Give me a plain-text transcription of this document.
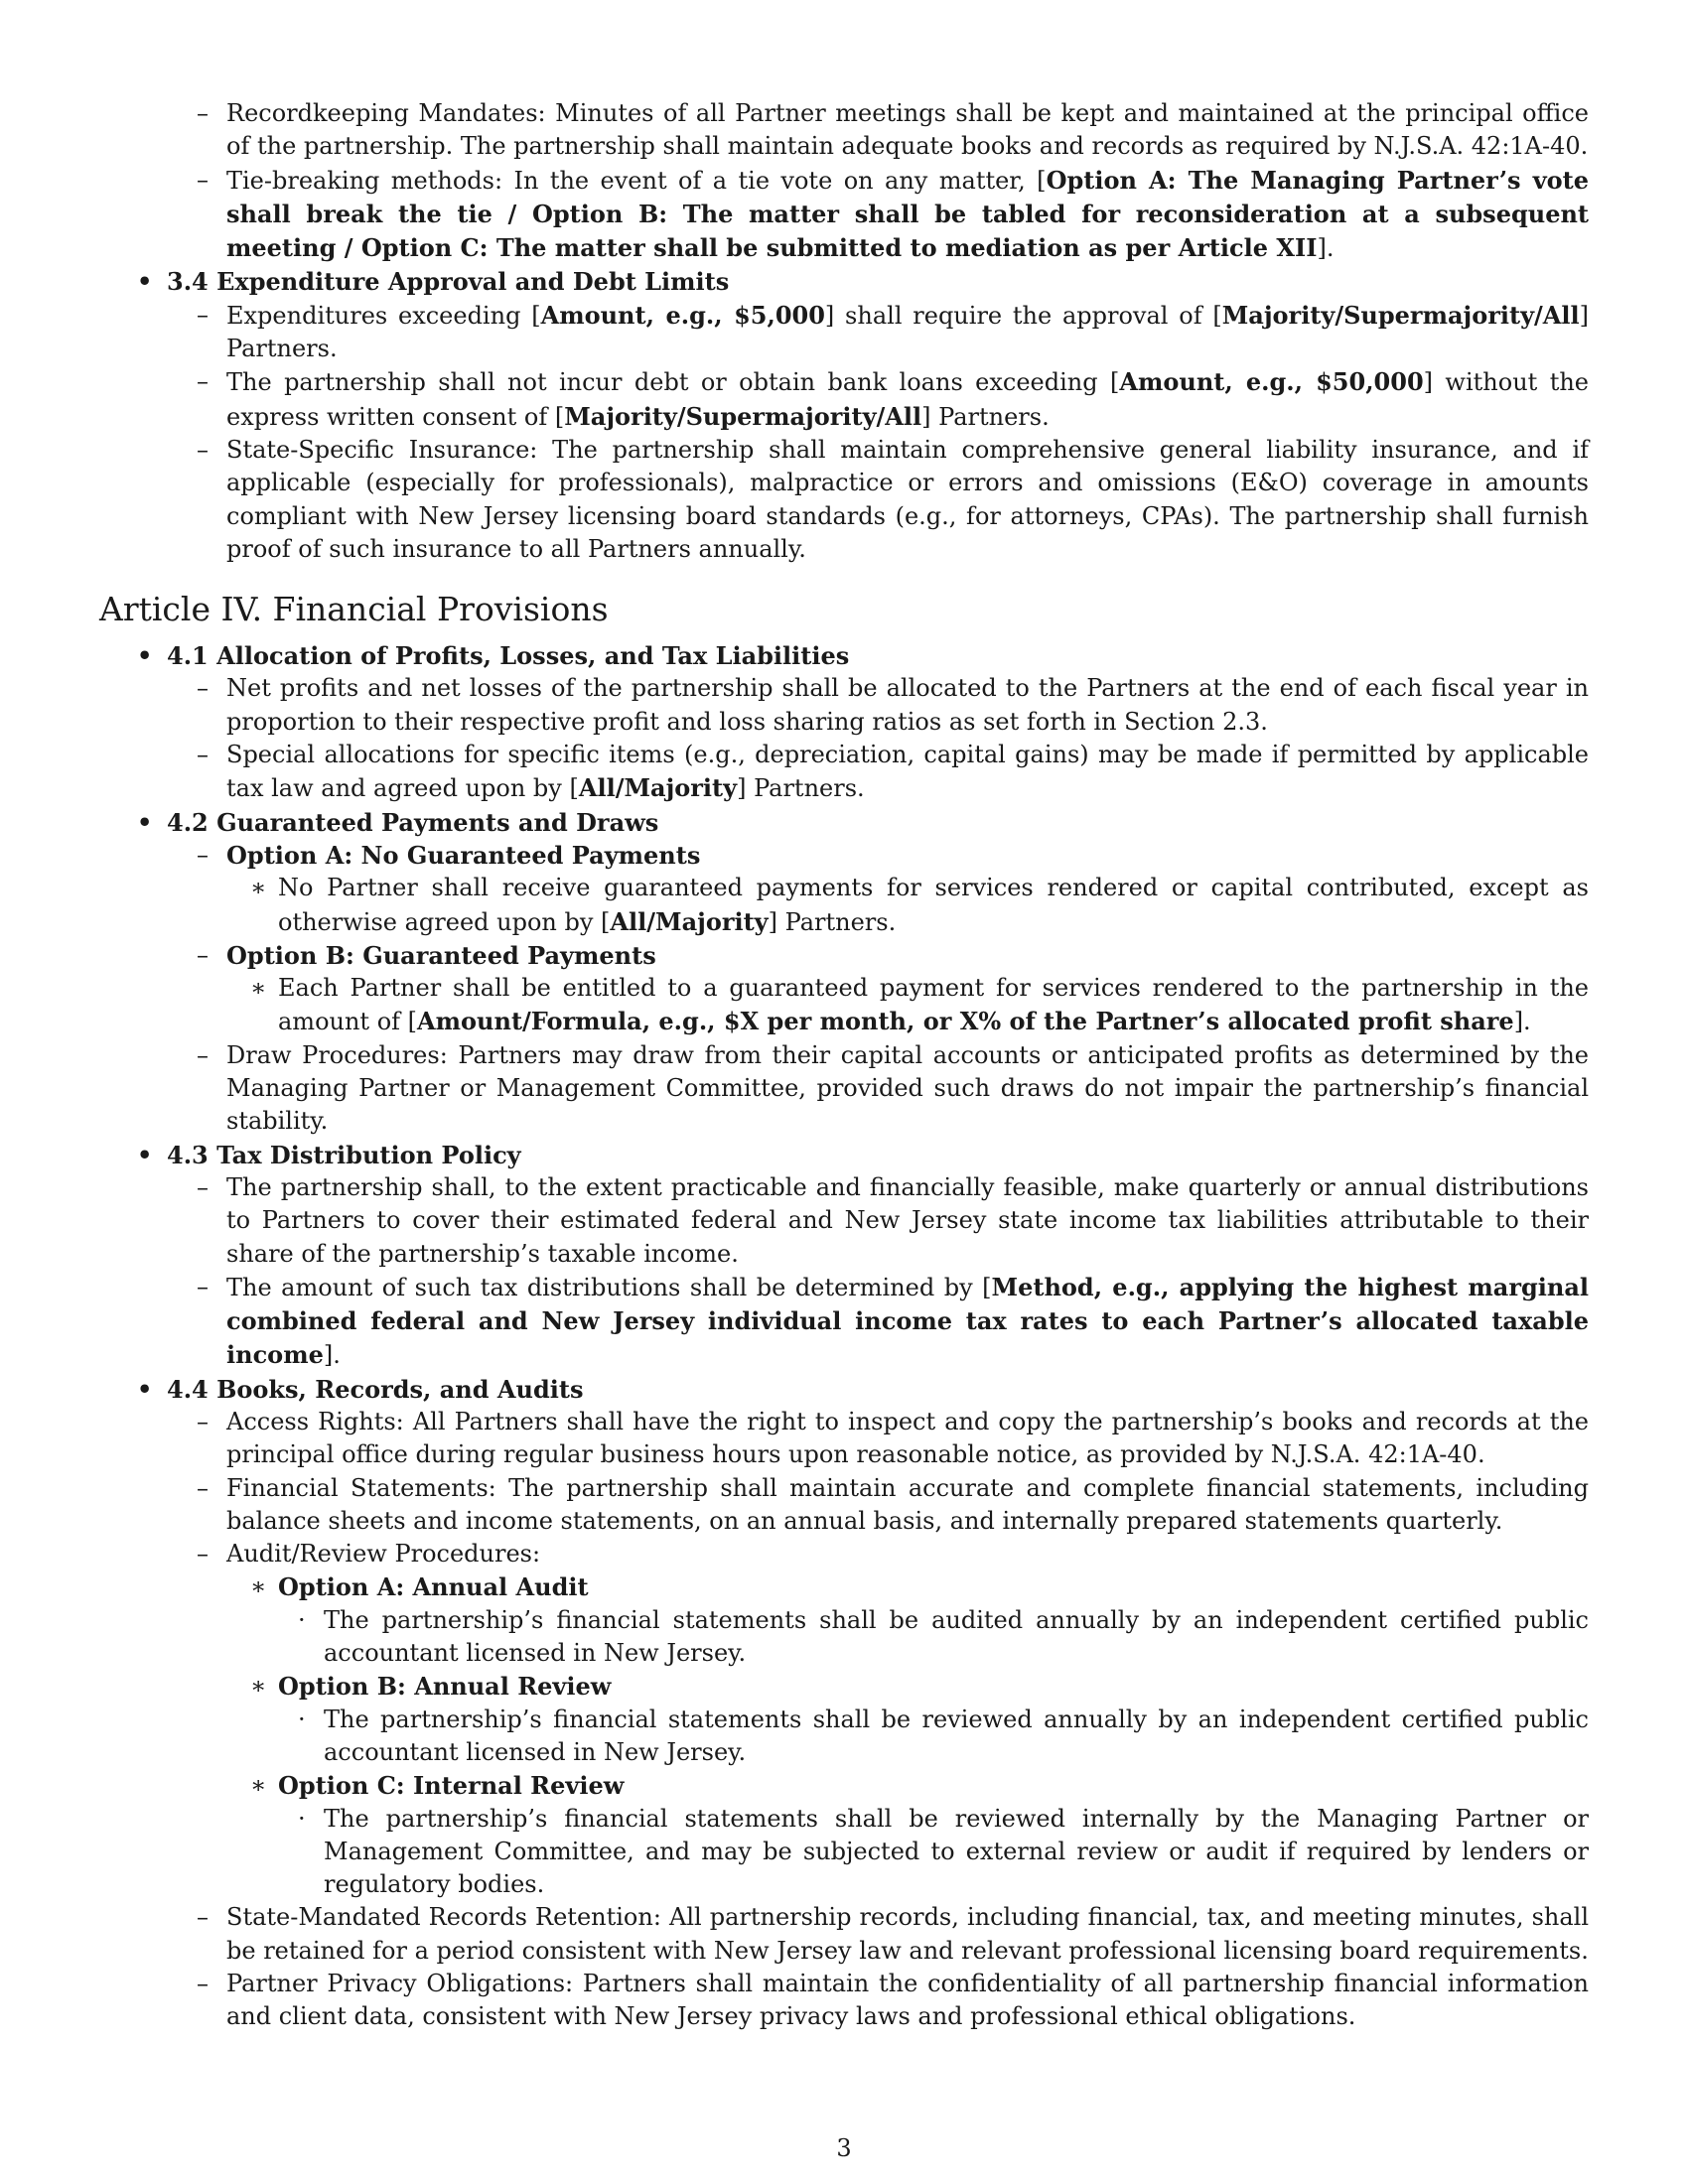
– Recordkeeping Mandates: Minutes of all Partner meetings shall be kept and maintained at the principal office of the partnership. The partnership shall maintain adequate books and records as required by N.J.S.A. 42:1A-40.

– Tie-breaking methods: In the event of a tie vote on any matter, [Option A: The Managing Partner’s vote shall break the tie / Option B: The matter shall be tabled for reconsideration at a subsequent meeting / Option C: The matter shall be submitted to mediation as per Article XII].

• 3.4 Expenditure Approval and Debt Limits

– Expenditures exceeding [Amount, e.g., $5,000] shall require the approval of [Majority/Supermajority/All] Partners.

– The partnership shall not incur debt or obtain bank loans exceeding [Amount, e.g., $50,000] without the express written consent of [Majority/Supermajority/All] Partners.

– State-Specific Insurance: The partnership shall maintain comprehensive general liability insurance, and if applicable (especially for professionals), malpractice or errors and omissions (E&O) coverage in amounts compliant with New Jersey licensing board standards (e.g., for attorneys, CPAs). The partnership shall furnish proof of such insurance to all Partners annually.

Article IV. Financial Provisions

• 4.1 Allocation of Profits, Losses, and Tax Liabilities

– Net profits and net losses of the partnership shall be allocated to the Partners at the end of each fiscal year in proportion to their respective profit and loss sharing ratios as set forth in Section 2.3.

– Special allocations for specific items (e.g., depreciation, capital gains) may be made if permitted by applicable tax law and agreed upon by [All/Majority] Partners.

• 4.2 Guaranteed Payments and Draws

– Option A: No Guaranteed Payments

∗ No Partner shall receive guaranteed payments for services rendered or capital contributed, except as otherwise agreed upon by [All/Majority] Partners.

– Option B: Guaranteed Payments

∗ Each Partner shall be entitled to a guaranteed payment for services rendered to the partnership in the amount of [Amount/Formula, e.g., $X per month, or X% of the Partner’s allocated profit share].

– Draw Procedures: Partners may draw from their capital accounts or anticipated profits as determined by the Managing Partner or Management Committee, provided such draws do not impair the partnership’s financial stability.

• 4.3 Tax Distribution Policy

– The partnership shall, to the extent practicable and financially feasible, make quarterly or annual distributions to Partners to cover their estimated federal and New Jersey state income tax liabilities attributable to their share of the partnership’s taxable income.

– The amount of such tax distributions shall be determined by [Method, e.g., applying the highest marginal combined federal and New Jersey individual income tax rates to each Partner’s allocated taxable income].

• 4.4 Books, Records, and Audits

– Access Rights: All Partners shall have the right to inspect and copy the partnership’s books and records at the principal office during regular business hours upon reasonable notice, as provided by N.J.S.A. 42:1A-40.

– Financial Statements: The partnership shall maintain accurate and complete financial statements, including balance sheets and income statements, on an annual basis, and internally prepared statements quarterly.

– Audit/Review Procedures:

∗ Option A: Annual Audit

· The partnership’s financial statements shall be audited annually by an independent certified public accountant licensed in New Jersey.

∗ Option B: Annual Review

· The partnership’s financial statements shall be reviewed annually by an independent certified public accountant licensed in New Jersey.

∗ Option C: Internal Review

· The partnership’s financial statements shall be reviewed internally by the Managing Partner or Management Committee, and may be subjected to external review or audit if required by lenders or regulatory bodies.

– State-Mandated Records Retention: All partnership records, including financial, tax, and meeting minutes, shall be retained for a period consistent with New Jersey law and relevant professional licensing board requirements.

– Partner Privacy Obligations: Partners shall maintain the confidentiality of all partnership financial information and client data, consistent with New Jersey privacy laws and professional ethical obligations.

3
